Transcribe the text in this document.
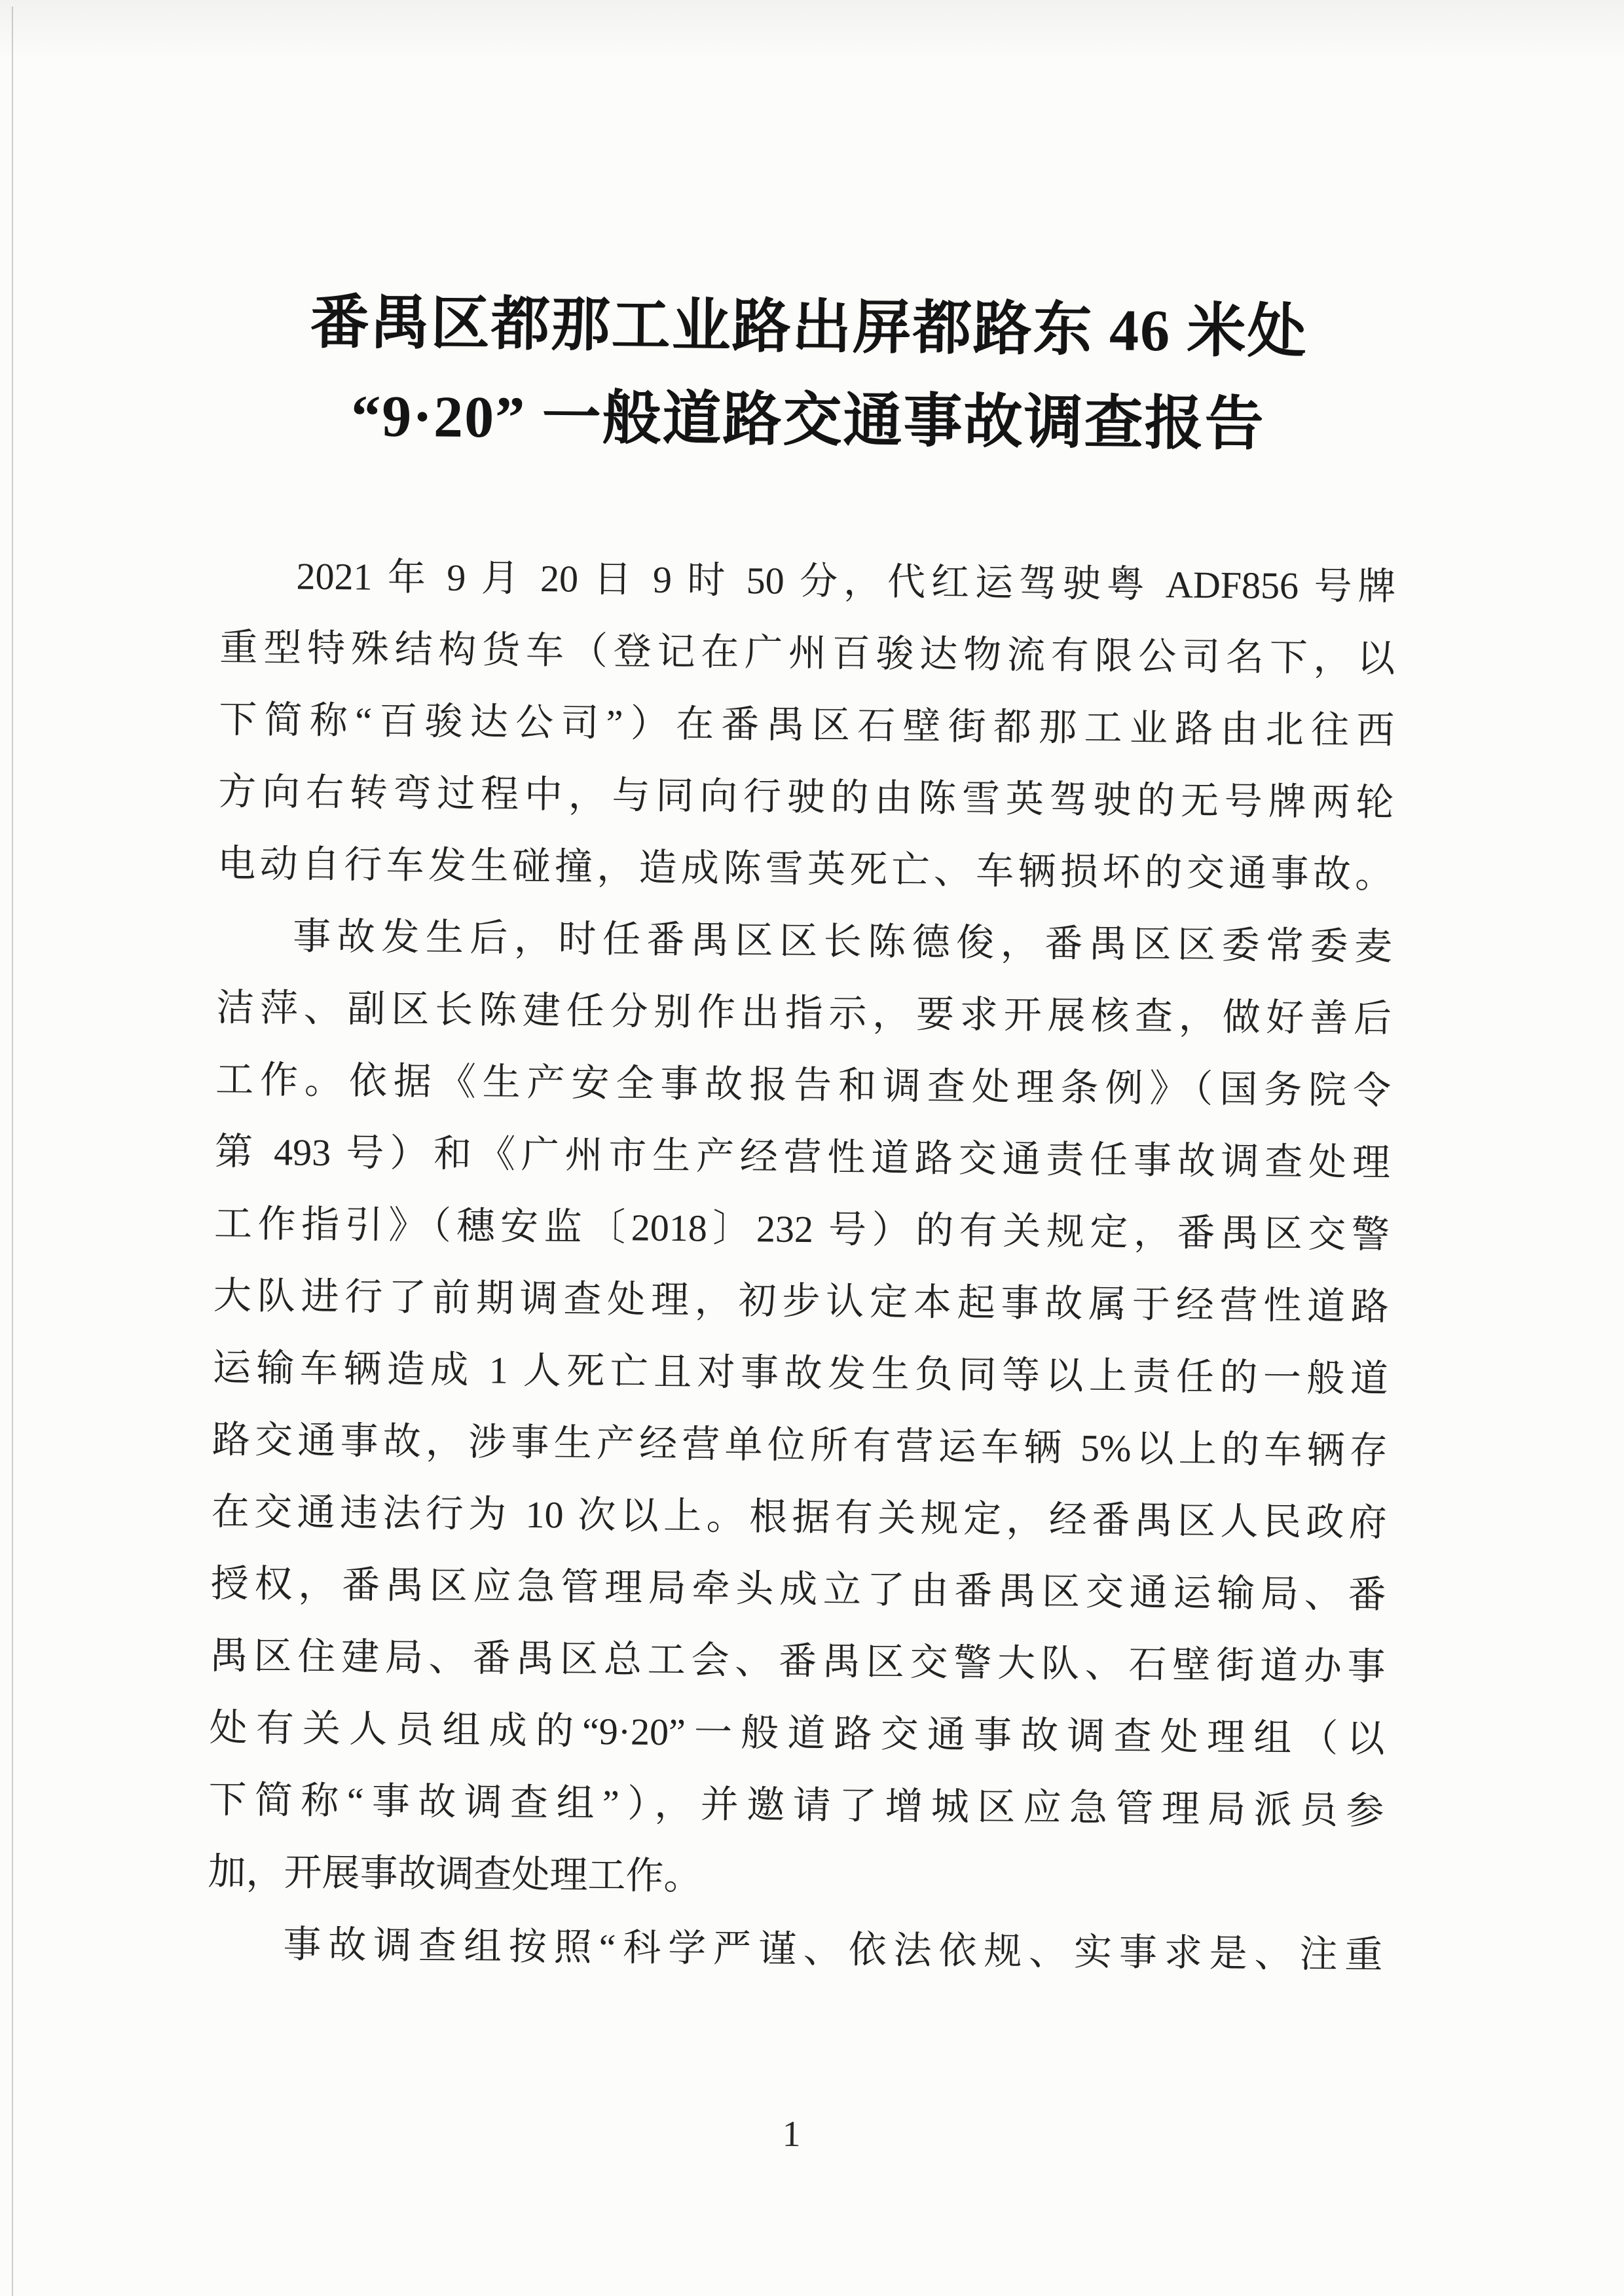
番禺区都那工业路出屏都路东 46 米处
“9·20” 一般道路交通事故调查报告
2021 年 9 月 20 日 9 时 50 分，代红运驾驶粤 ADF856 号牌
重型特殊结构货车（登记在广州百骏达物流有限公司名下，以
下简称“百骏达公司”）在番禺区石壁街都那工业路由北往西
方向右转弯过程中，与同向行驶的由陈雪英驾驶的无号牌两轮
电动自行车发生碰撞，造成陈雪英死亡、车辆损坏的交通事故。
事故发生后，时任番禺区区长陈德俊，番禺区区委常委麦
洁萍、副区长陈建任分别作出指示，要求开展核查，做好善后
工作。依据《生产安全事故报告和调查处理条例》（国务院令
第 493 号）和《广州市生产经营性道路交通责任事故调查处理
工作指引》（穗安监〔2018〕232 号）的有关规定，番禺区交警
大队进行了前期调查处理，初步认定本起事故属于经营性道路
运输车辆造成 1 人死亡且对事故发生负同等以上责任的一般道
路交通事故，涉事生产经营单位所有营运车辆 5%以上的车辆存
在交通违法行为 10 次以上。根据有关规定，经番禺区人民政府
授权，番禺区应急管理局牵头成立了由番禺区交通运输局、番
禺区住建局、番禺区总工会、番禺区交警大队、石壁街道办事
处有关人员组成的“9·20”一般道路交通事故调查处理组（以
下简称“事故调查组”），并邀请了增城区应急管理局派员参
加，开展事故调查处理工作。
事故调查组按照“科学严谨、依法依规、实事求是、注重
1
